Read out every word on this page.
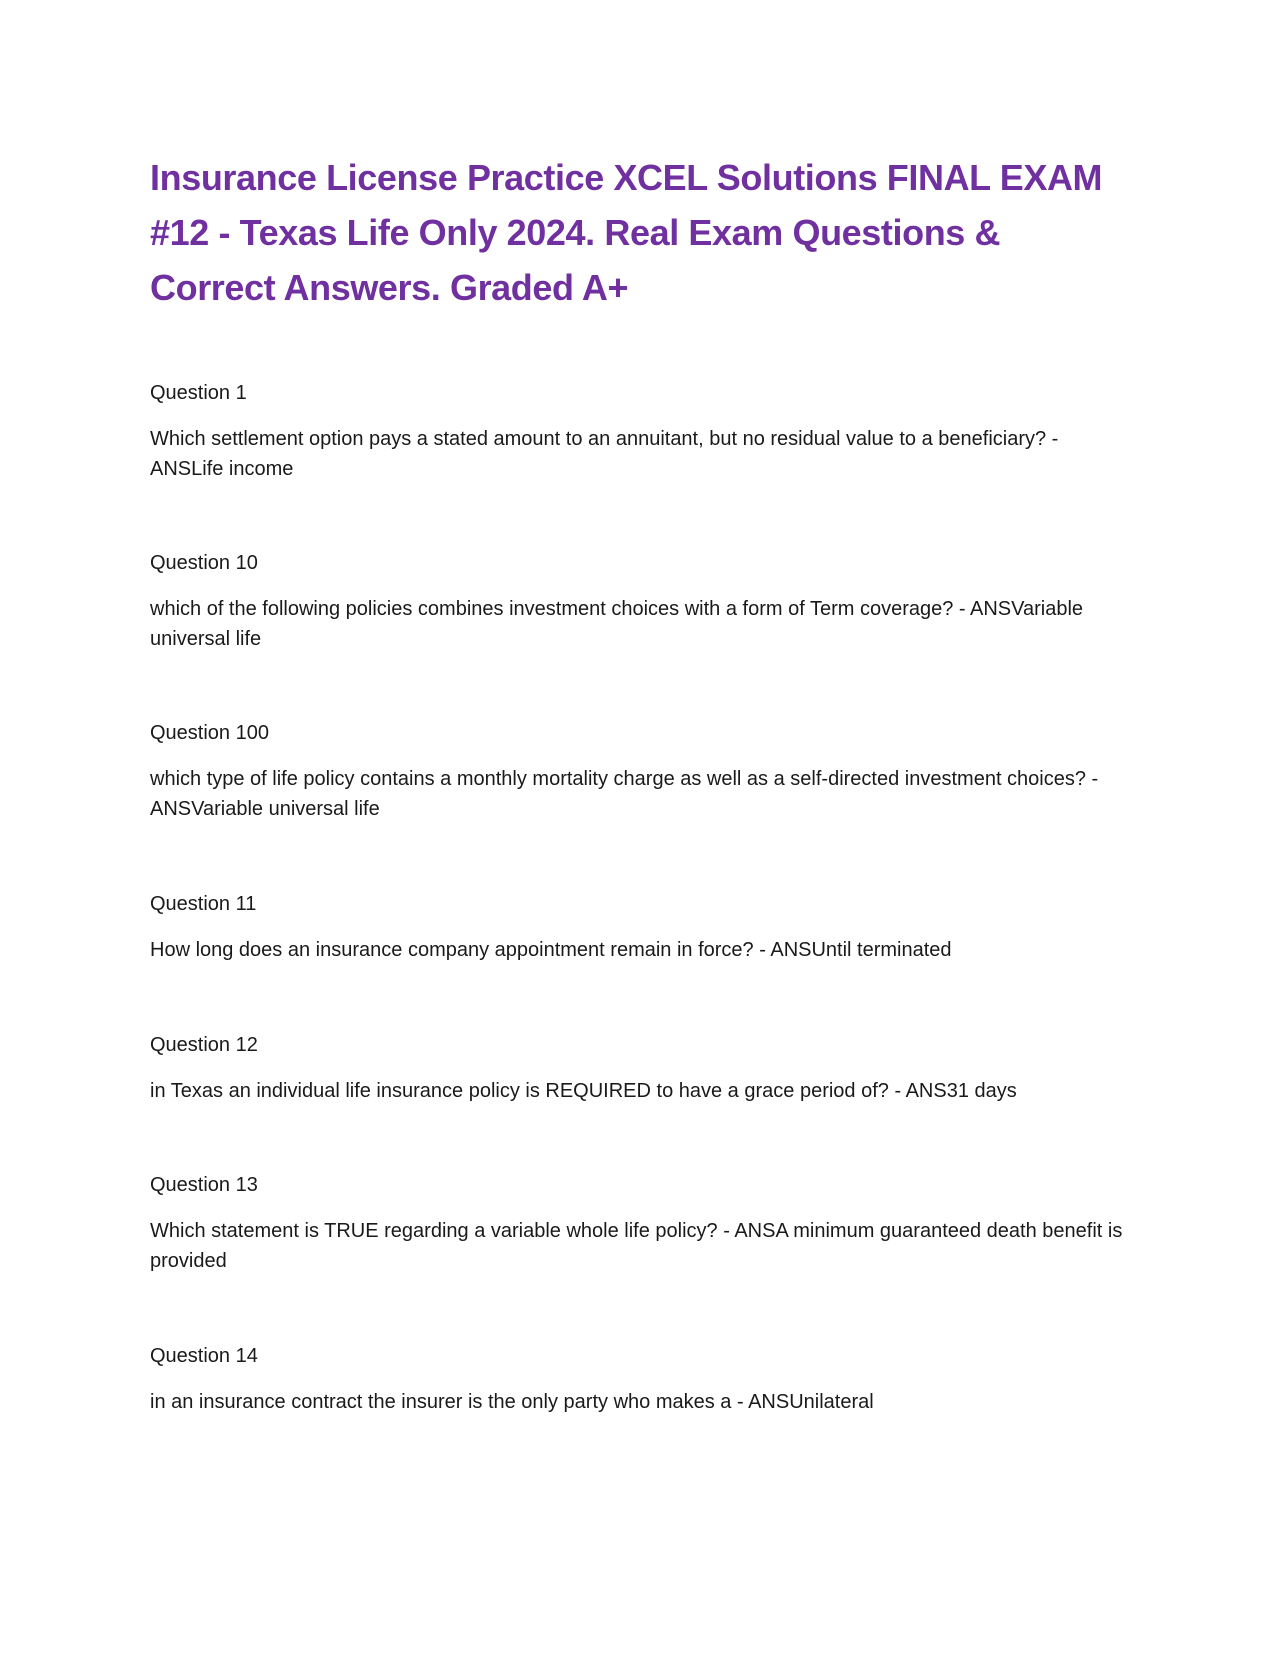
Insurance License Practice XCEL Solutions FINAL EXAM #12 - Texas Life Only 2024. Real Exam Questions & Correct Answers. Graded A+

Question 1

Which settlement option pays a stated amount to an annuitant, but no residual value to a beneficiary? - ANSLife income

Question 10

which of the following policies combines investment choices with a form of Term coverage? - ANSVariable universal life

Question 100

which type of life policy contains a monthly mortality charge as well as a self-directed investment choices? - ANSVariable universal life

Question 11

How long does an insurance company appointment remain in force? - ANSUntil terminated

Question 12

in Texas an individual life insurance policy is REQUIRED to have a grace period of? - ANS31 days

Question 13

Which statement is TRUE regarding a variable whole life policy? - ANSA minimum guaranteed death benefit is provided

Question 14

in an insurance contract the insurer is the only party who makes a - ANSUnilateral
